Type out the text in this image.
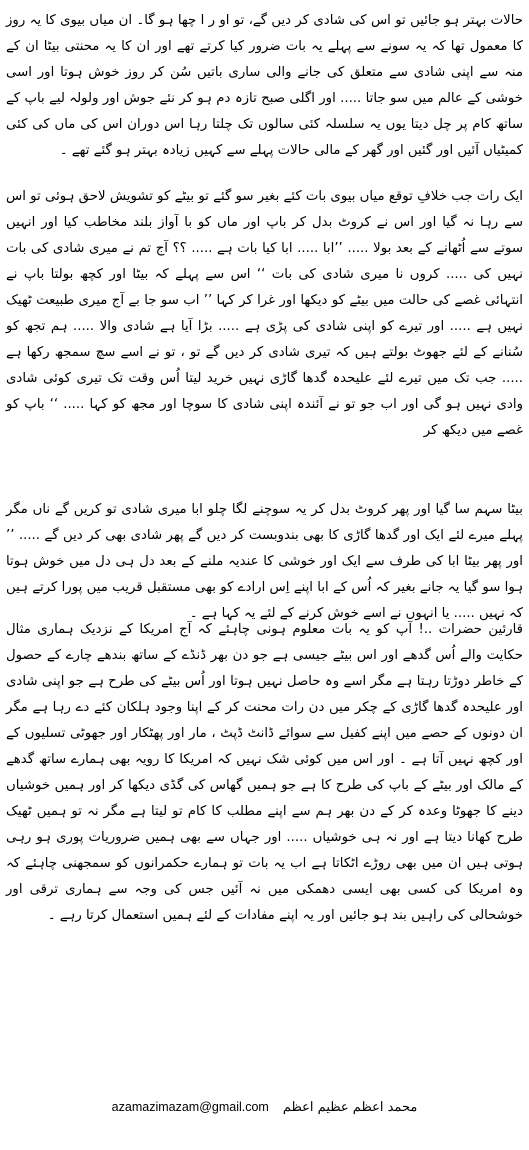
حالات بہتر ہو جائیں تو اس کی شادی کر دیں گے، تو او ر ا چھا ہو گا۔ ان میاں بیوی کا یہ روز کا معمول تھا کہ یہ سونے سے پہلے یہ بات ضرور کیا کرتے تھے اور ان کا یہ محنتی بیٹا ان کے منہ سے اپنی شادی سے متعلق کی جانے والی ساری باتیں سُن کر روز خوش ہوتا اور اسی خوشی کے عالم میں سو جاتا ..... اور اگلی صبح تازہ دم ہو کر نئے جوش اور ولولہ لیے باپ کے ساتھ کام پر چل دیتا یوں یہ سلسلہ کئی سالوں تک چلتا رہا اس دوران اس کی ماں کی کئی کمیٹیاں آئیں اور گئیں اور گھر کے مالی حالات پہلے سے کہیں زیادہ بہتر ہو گئے تھے ۔

ایک رات جب خلافِ توقع میاں بیوی بات کئے بغیر سو گئے تو بیٹے کو تشویش لاحق ہوئی تو اس سے رہا نہ گیا اور اس نے کروٹ بدل کر باپ اور ماں کو با آواز بلند مخاطب کیا اور انہیں سوتے سے اُٹھانے کے بعد بولا ..... ’’ابا ..... ابا کیا بات ہے ..... ؟؟ آج تم نے میری شادی کی بات نہیں کی ..... کروں نا میری شادی کی بات ‘‘ اس سے پہلے کہ بیٹا اور کچھ بولتا باپ نے انتہائی غصے کی حالت میں بیٹے کو دیکھا اور غرا کر کہا ’’ اب سو جا بے آج میری طبیعت ٹھیک نہیں ہے ..... اور تیرے کو اپنی شادی کی پڑی ہے ..... بڑا آیا ہے شادی والا ..... ہم تجھ کو سُنانے کے لئے جھوٹ بولتے ہیں کہ تیری شادی کر دیں گے تو ، تو نے اسے سچ سمجھ رکھا ہے ..... جب تک میں تیرے لئے علیحدہ گدھا گاڑی نہیں خرید لیتا اُس وقت تک تیری کوئی شادی وادی نہیں ہو گی اور اب جو تو نے آئندہ اپنی شادی کا سوچا اور مجھ کو کہا ..... ‘‘ باپ کو غصے میں دیکھ کر

بیٹا سہم سا گیا اور پھر کروٹ بدل کر یہ سوچنے لگا چلو ابا میری شادی تو کریں گے ناں مگر پہلے میرے لئے ایک اور گدھا گاڑی کا بھی بندوبست کر دیں گے پھر شادی بھی کر دیں گے ..... ’’ اور پھر بیٹا ابا کی طرف سے ایک اور خوشی کا عندیہ ملنے کے بعد دل ہی دل میں خوش ہوتا ہوا سو گیا یہ جانے بغیر کہ اُس کے ابا اپنے اِس ارادے کو بھی مستقبل قریب میں پورا کرتے ہیں کہ نہیں ..... یا انہوں نے اسے خوش کرنے کے لئے یہ کہا ہے ۔

قارئین حضرات ..! آپ کو یہ بات معلوم ہونی چاہئے کہ آج امریکا کے نزدیک ہماری مثال حکایت والے اُس گدھے اور اس بیٹے جیسی ہے جو دن بھر ڈنڈے کے ساتھ بندھے چارے کے حصول کے خاطر دوڑتا رہتا ہے مگر اسے وہ حاصل نہیں ہوتا اور اُس بیٹے کی طرح ہے جو اپنی شادی اور علیحدہ گدھا گاڑی کے چکر میں دن رات محنت کر کے اپنا وجود ہلکان کئے دے رہا ہے مگر ان دونوں کے حصے میں اپنے کفیل سے سوائے ڈانٹ ڈپٹ ، مار اور پھٹکار اور جھوٹی تسلیوں کے اور کچھ نہیں آتا ہے ۔ اور اس میں کوئی شک نہیں کہ امریکا کا رویہ بھی ہمارے ساتھ گدھے کے مالک اور بیٹے کے باپ کی طرح کا ہے جو ہمیں گھاس کی گڈی دیکھا کر اور ہمیں خوشیاں دینے کا جھوٹا وعدہ کر کے دن بھر ہم سے اپنے مطلب کا کام تو لیتا ہے مگر نہ تو ہمیں ٹھیک طرح کھانا دیتا ہے اور نہ ہی خوشیاں ..... اور جہاں سے بھی ہمیں ضروریات پوری ہو رہی ہوتی ہیں ان میں بھی روڑے اٹکاتا ہے اب یہ بات تو ہمارے حکمرانوں کو سمجھنی چاہئے کہ وہ امریکا کی کسی بھی ایسی دھمکی میں نہ آئیں جس کی وجہ سے ہماری ترقی اور خوشحالی کی راہیں بند ہو جائیں اور یہ اپنے مفادات کے لئے ہمیں استعمال کرتا رہے ۔

azamazimazam@gmail.com محمد اعظم عظیم اعظم
